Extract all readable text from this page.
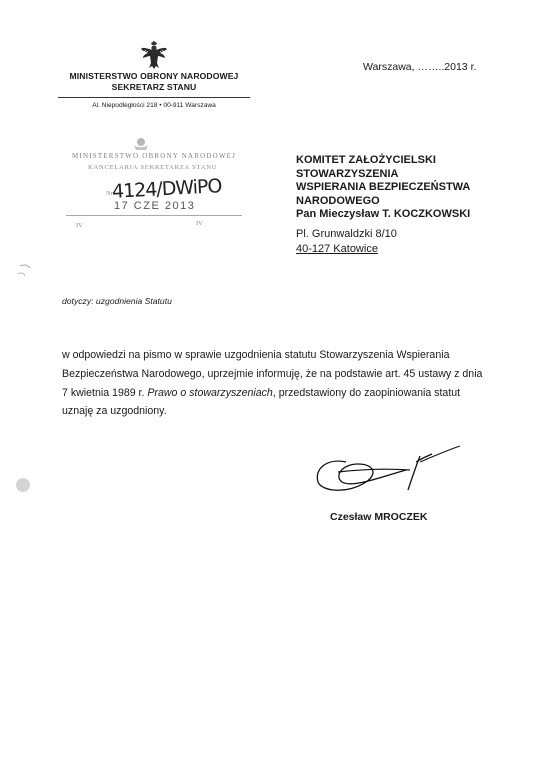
MINISTERSTWO OBRONY NARODOWEJ
SEKRETARZ STANU
Al. Niepodległości 218 • 00-911 Warszawa
Warszawa, ……..2013 r.
MINISTERSTWO OBRONY NARODOWEJ
KANCELARIA SEKRETARZA STANU
Nr
4124/DWiPO
17 CZE 2013
IV	IV
KOMITET ZAŁOŻYCIELSKI
STOWARZYSZENIA
WSPIERANIA BEZPIECZEŃSTWA
NARODOWEGO
Pan Mieczysław T. KOCZKOWSKI
Pl. Grunwaldzki 8/10
40-127 Katowice
dotyczy: uzgodnienia Statutu
w odpowiedzi na pismo w sprawie uzgodnienia statutu Stowarzyszenia Wspierania Bezpieczeństwa Narodowego, uprzejmie informuję, że na podstawie art. 45 ustawy z dnia 7 kwietnia 1989 r. Prawo o stowarzyszeniach, przedstawiony do zaopiniowania statut uznaję za uzgodniony.
Czesław MROCZEK
